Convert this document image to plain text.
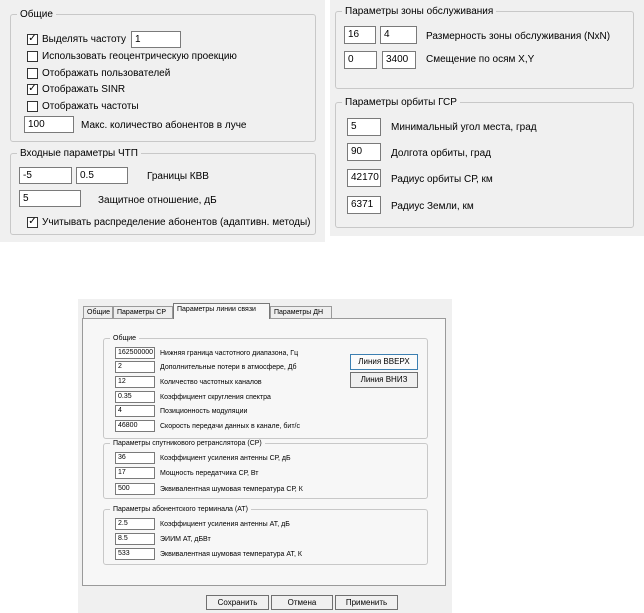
Общие
✓ Выделять частоту 1
Использовать геоцентрическую проекцию
Отображать пользователей
✓ Отображать SINR
Отображать частоты
100	Макс. количество абонентов в луче
Входные параметры ЧТП
-5	0.5	Границы КВВ
5	Защитное отношение, дБ
✓ Учитывать распределение абонентов (адаптивн. методы)
Параметры зоны обслуживания
16	4	Размерность зоны обслуживания (NxN)
0	3400	Смещение по осям X,Y
Параметры орбиты ГСР
5	Минимальный угол места, град
90	Долгота орбиты, град
42170 Радиус орбиты СР, км
6371	Радиус Земли, км
Общие Параметры СР	Параметры линии связи	Параметры ДН
Общие
162500000 Нижняя граница частотного диапазона, Гц
2	Дополнительные потери в атмосфере, Дб
12	Количество частотных каналов
0.35	Коэффициент скругления спектра
4	Позиционность модуляции
46800	Скорость передачи данных в канале, бит/с
Линия ВВЕРХ
Линия ВНИЗ
Параметры спутникового ретранслятора (СР)
36	Коэффициент усиления антенны СР, дБ
17	Мощность передатчика СР, Вт
500	Эквивалентная шумовая температура СР, К
Параметры абонентского терминала (АТ)
2.5	Коэффициент усиления антенны АТ, дБ
8.5	ЭИИМ АТ, дБВт
533	Эквивалентная шумовая температура АТ, К
Сохранить	Отмена	Применить
